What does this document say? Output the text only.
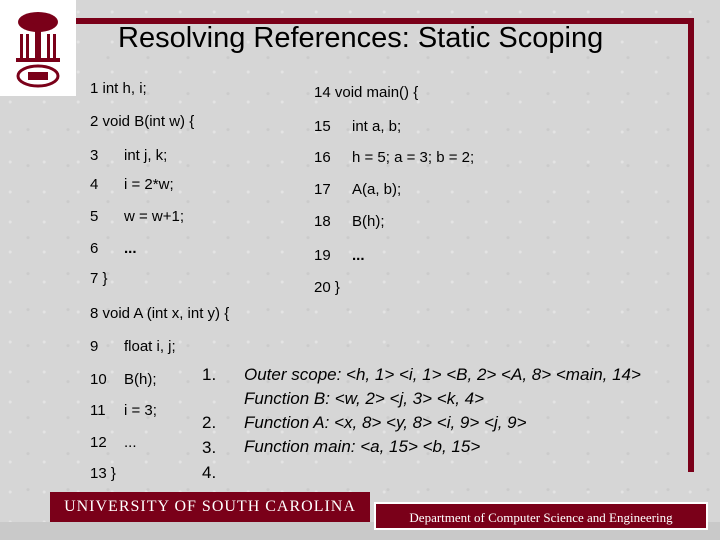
Resolving References: Static Scoping
1 int h, i;
2 void B(int w) {
3 int j, k;
4 i = 2*w;
5 w = w+1;
6 ...
7 }
8 void A (int x, int y) {
9 float i, j;
10 B(h);
11 i = 3;
12 ...
13 }
14 void main() {
15 int a, b;
16 h = 5; a = 3; b = 2;
17 A(a, b);
18 B(h);
19 ...
20 }
1.
2.
3.
4.
Outer scope: <h, 1> <i, 1> <B, 2> <A, 8> <main, 14>
Function B: <w, 2> <j, 3> <k, 4>
Function A: <x, 8> <y, 8> <i, 9> <j, 9>
Function main: <a, 15> <b, 15>
UNIVERSITY OF SOUTH CAROLINA
Department of Computer Science and Engineering
